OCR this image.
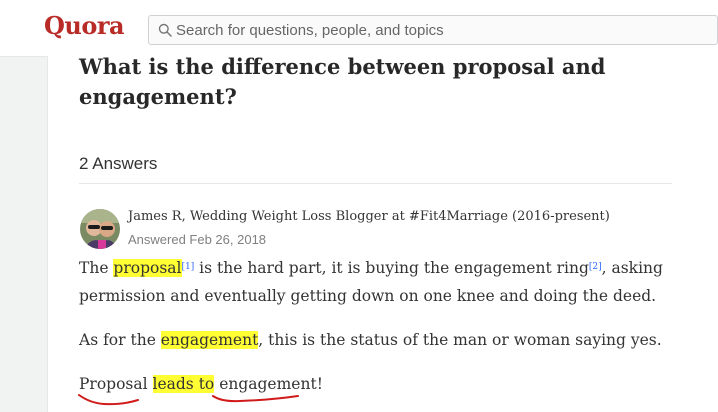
Quora
Search for questions, people, and topics
What is the difference between proposal and engagement?
2 Answers
James R, Wedding Weight Loss Blogger at #Fit4Marriage (2016-present)
Answered Feb 26, 2018

The proposal[1] is the hard part, it is buying the engagement ring[2], asking permission and eventually getting down on one knee and doing the deed.

As for the engagement, this is the status of the man or woman saying yes.

Proposal leads to engagement!
